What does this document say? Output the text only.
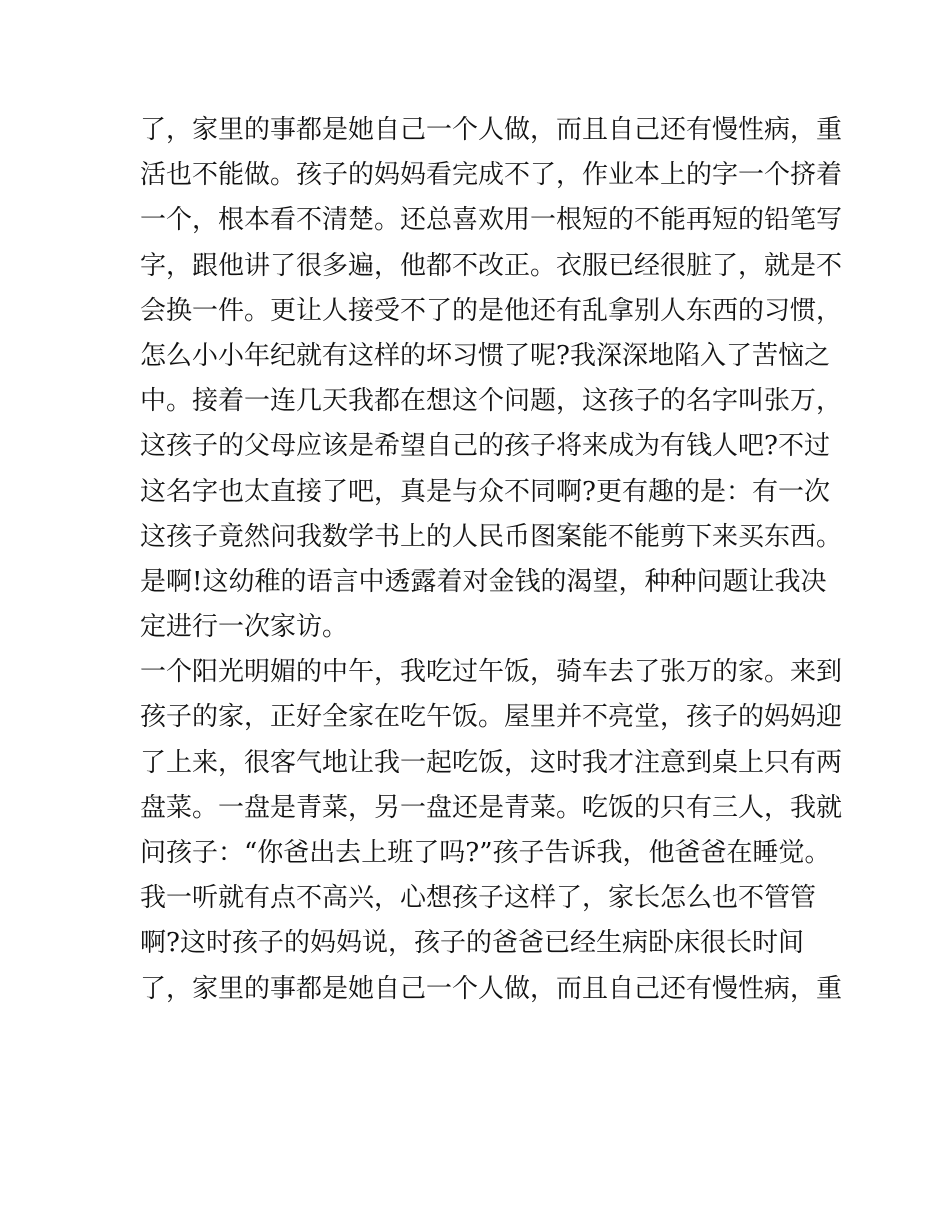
了，家里的事都是她自己一个人做，而且自己还有慢性病，重
活也不能做。孩子的妈妈看完成不了，作业本上的字一个挤着
一个，根本看不清楚。还总喜欢用一根短的不能再短的铅笔写
字，跟他讲了很多遍，他都不改正。衣服已经很脏了，就是不
会换一件。更让人接受不了的是他还有乱拿别人东西的习惯，
怎么小小年纪就有这样的坏习惯了呢?我深深地陷入了苦恼之
中。接着一连几天我都在想这个问题，这孩子的名字叫张万，
这孩子的父母应该是希望自己的孩子将来成为有钱人吧?不过
这名字也太直接了吧，真是与众不同啊?更有趣的是：有一次
这孩子竟然问我数学书上的人民币图案能不能剪下来买东西。
是啊!这幼稚的语言中透露着对金钱的渴望，种种问题让我决
定进行一次家访。
一个阳光明媚的中午，我吃过午饭，骑车去了张万的家。来到
孩子的家，正好全家在吃午饭。屋里并不亮堂，孩子的妈妈迎
了上来，很客气地让我一起吃饭，这时我才注意到桌上只有两
盘菜。一盘是青菜，另一盘还是青菜。吃饭的只有三人，我就
问孩子：“你爸出去上班了吗?”孩子告诉我，他爸爸在睡觉。
我一听就有点不高兴，心想孩子这样了，家长怎么也不管管
啊?这时孩子的妈妈说，孩子的爸爸已经生病卧床很长时间
了，家里的事都是她自己一个人做，而且自己还有慢性病，重
